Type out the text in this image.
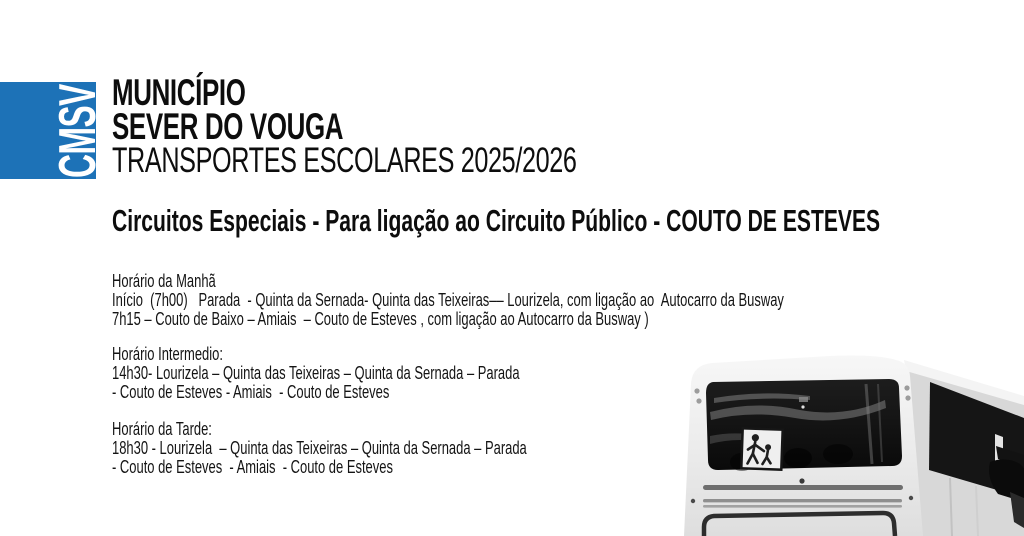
CMSV MUNICÍPIO
SEVER DO VOUGA
TRANSPORTES ESCOLARES 2025/2026
Circuitos Especiais - Para ligação ao Circuito Público - COUTO DE ESTEVES
Horário da Manhã
Início  (7h00)   Parada  - Quinta da Sernada- Quinta das Teixeiras–– Lourizela, com ligação ao  Autocarro da Busway
7h15 – Couto de Baixo – Amiais  – Couto de Esteves , com ligação ao Autocarro da Busway )
Horário Intermedio:
14h30- Lourizela – Quinta das Teixeiras – Quinta da Sernada – Parada
- Couto de Esteves - Amiais  - Couto de Esteves
Horário da Tarde:
18h30 - Lourizela  – Quinta das Teixeiras – Quinta da Sernada – Parada
- Couto de Esteves  - Amiais  - Couto de Esteves
